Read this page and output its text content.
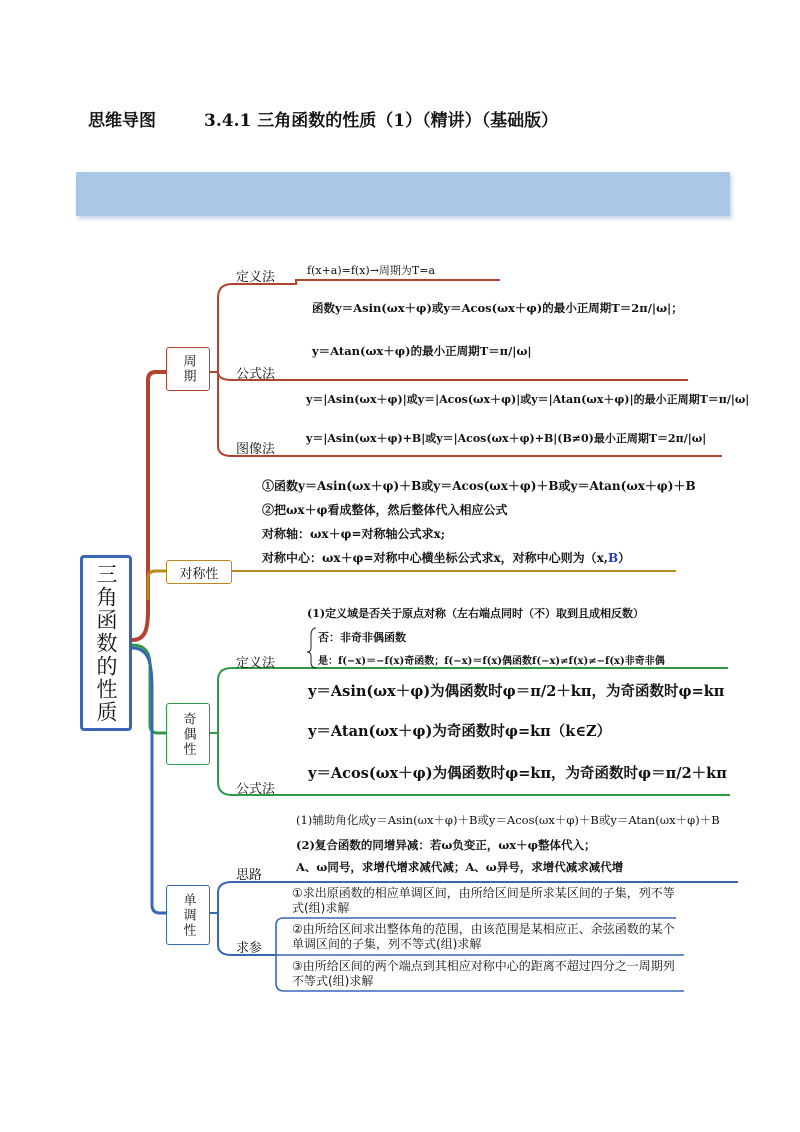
思维导图	3.4.1 三角函数的性质（1）（精讲）（基础版）
三角函数的性质
周期
对称性
奇偶性
单调性
定义法	f(x+a)=f(x)→周期为T=a
函数y＝Asin(ωx＋φ)或y＝Acos(ωx＋φ)的最小正周期T＝2π/|ω|；
y＝Atan(ωx＋φ)的最小正周期T＝π/|ω|
公式法
y＝|Asin(ωx＋φ)|或y＝|Acos(ωx＋φ)|或y＝|Atan(ωx＋φ)|的最小正周期T＝π/|ω|
y＝|Asin(ωx＋φ)+B|或y＝|Acos(ωx＋φ)+B|(B≠0)最小正周期T＝2π/|ω|
图像法
①函数y＝Asin(ωx＋φ)＋B或y＝Acos(ωx＋φ)＋B或y＝Atan(ωx＋φ)＋B
②把ωx＋φ看成整体，然后整体代入相应公式
对称轴：ωx＋φ=对称轴公式求x;
对称中心：ωx＋φ=对称中心横坐标公式求x，对称中心则为（x,B）
(1)定义域是否关于原点对称（左右端点同时（不）取到且成相反数）
否：非奇非偶函数
是：f(−x)＝−f(x)奇函数；f(−x)＝f(x)偶函数f(−x)≠f(x)≠−f(x)非奇非偶
定义法
y＝Asin(ωx＋φ)为偶函数时φ＝π/2＋kπ，为奇函数时φ=kπ
y＝Atan(ωx＋φ)为奇函数时φ=kπ（k∈Z）
y＝Acos(ωx＋φ)为偶函数时φ=kπ，为奇函数时φ＝π/2＋kπ
公式法
(1)辅助角化成y＝Asin(ωx＋φ)＋B或y＝Acos(ωx＋φ)＋B或y＝Atan(ωx＋φ)＋B
(2)复合函数的同增异减：若ω负变正，ωx＋φ整体代入；
A、ω同号，求增代增求减代减；A、ω异号，求增代减求减代增
思路
①求出原函数的相应单调区间，由所给区间是所求某区间的子集，列不等式(组)求解
②由所给区间求出整体角的范围，由该范围是某相应正、余弦函数的某个单调区间的子集，列不等式(组)求解
求参
③由所给区间的两个端点到其相应对称中心的距离不超过四分之一周期列不等式(组)求解
